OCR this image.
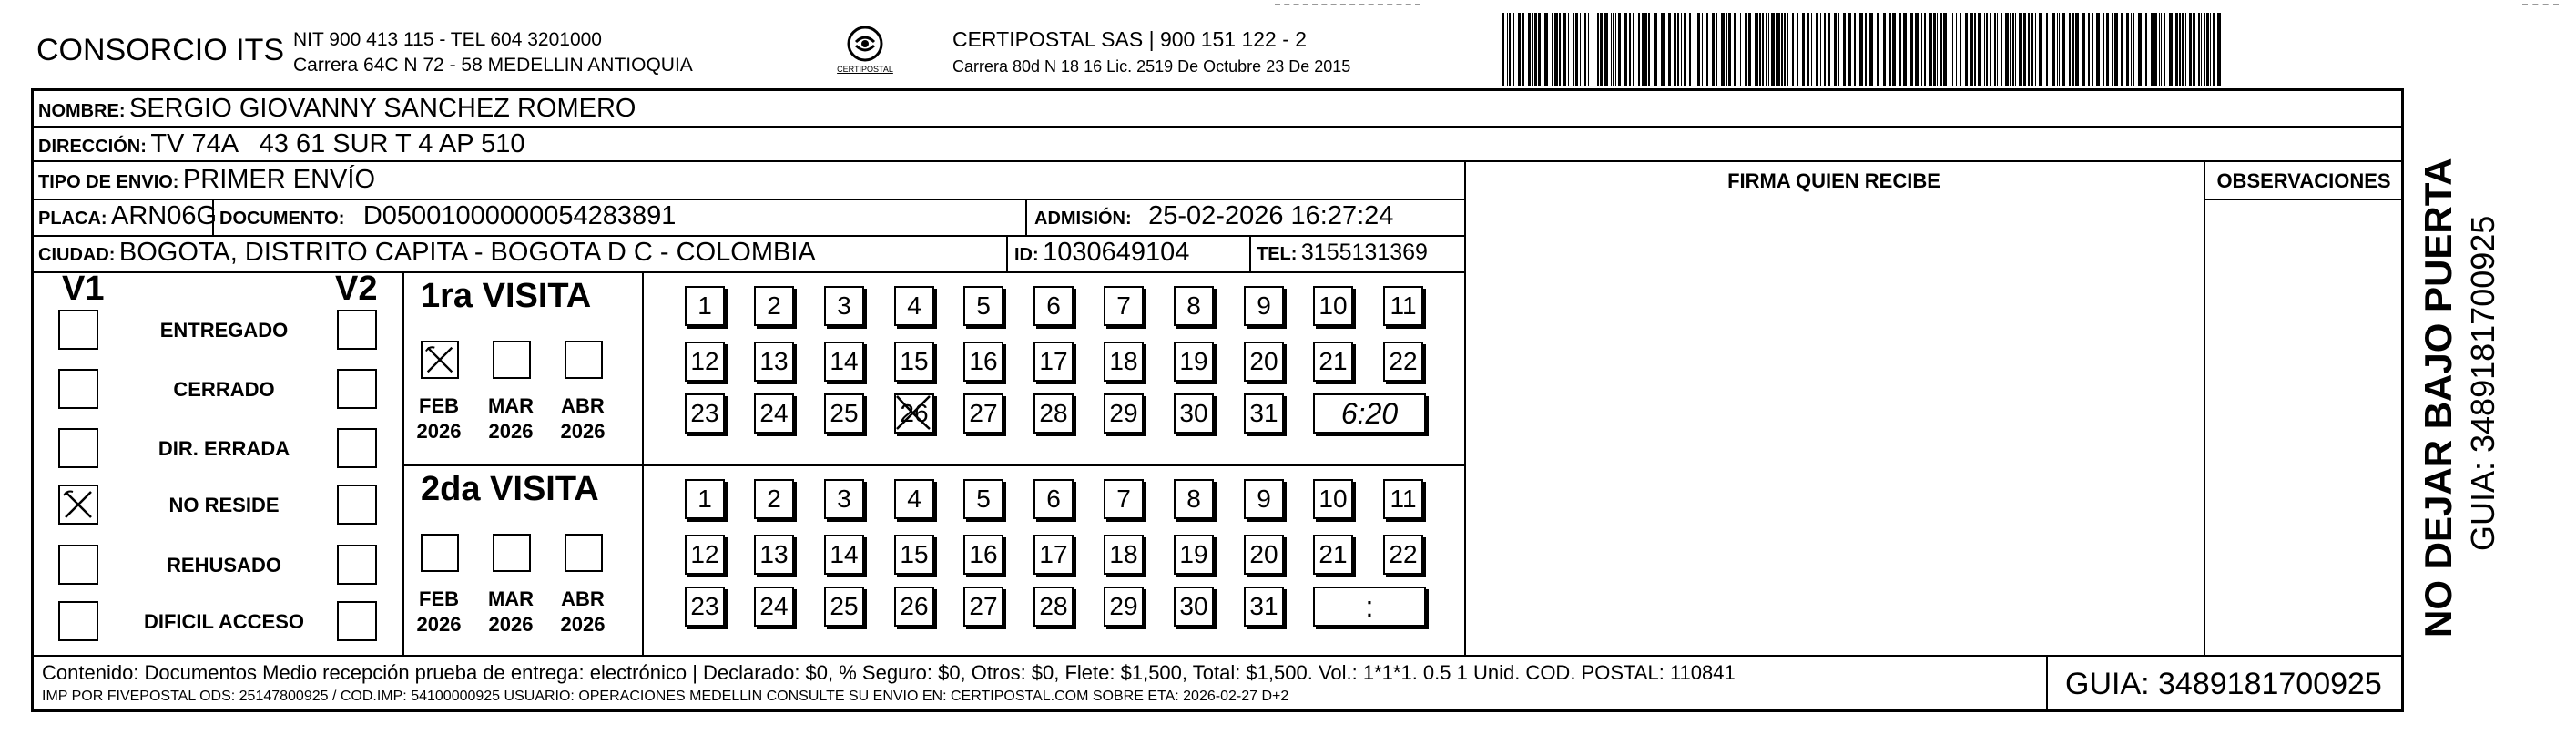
CONSORCIO ITS NIT 900 413 115 - TEL 604 3201000
Carrera 64C N 72 - 58 MEDELLIN ANTIOQUIA	CERTIPOSTAL
CERTIPOSTAL SAS | 900 151 122 - 2
Carrera 80d N 18 16 Lic. 2519 De Octubre 23 De 2015
NO DEJAR BAJO PUERTA GUIA: 3489181700925
NOMBRE: SERGIO GIOVANNY SANCHEZ ROMERO
DIRECCIÓN: TV 74A   43 61 SUR T 4 AP 510
TIPO DE ENVIO: PRIMER ENVÍO	FIRMA QUIEN RECIBE	OBSERVACIONES
PLACA: ARN06G DOCUMENTO: D05001000000054283891	ADMISIÓN: 25-02-2026 16:27:24
CIUDAD: BOGOTA, DISTRITO CAPITA - BOGOTA D C - COLOMBIA	ID: 1030649104	TEL: 3155131369
V1	V2
ENTREGADO
CERRADO
DIR. ERRADA
NO RESIDE
REHUSADO
DIFICIL ACCESO
1ra VISITA
FEB
2026
MAR
2026
ABR
2026
1	2	3	4	5	6	7	8	9	10 11
12 13 14 15 16 17 18 19 20 21 22
23 24 25 26 27 28 29 30 31	6:20
2da VISITA
FEB
2026
MAR
2026
ABR
2026
1	2	3	4	5	6	7	8	9	10 11
12 13 14 15 16 17 18 19 20 21 22
23 24 25 26 27 28 29 30 31	:
Contenido: Documentos Medio recepción prueba de entrega: electrónico | Declarado: $0, % Seguro: $0, Otros: $0, Flete: $1,500, Total: $1,500. Vol.: 1*1*1. 0.5 1 Unid. COD. POSTAL: 110841
IMP POR FIVEPOSTAL ODS: 25147800925 / COD.IMP: 54100000925 USUARIO: OPERACIONES MEDELLIN CONSULTE SU ENVIO EN: CERTIPOSTAL.COM SOBRE ETA: 2026-02-27 D+2	GUIA: 3489181700925
